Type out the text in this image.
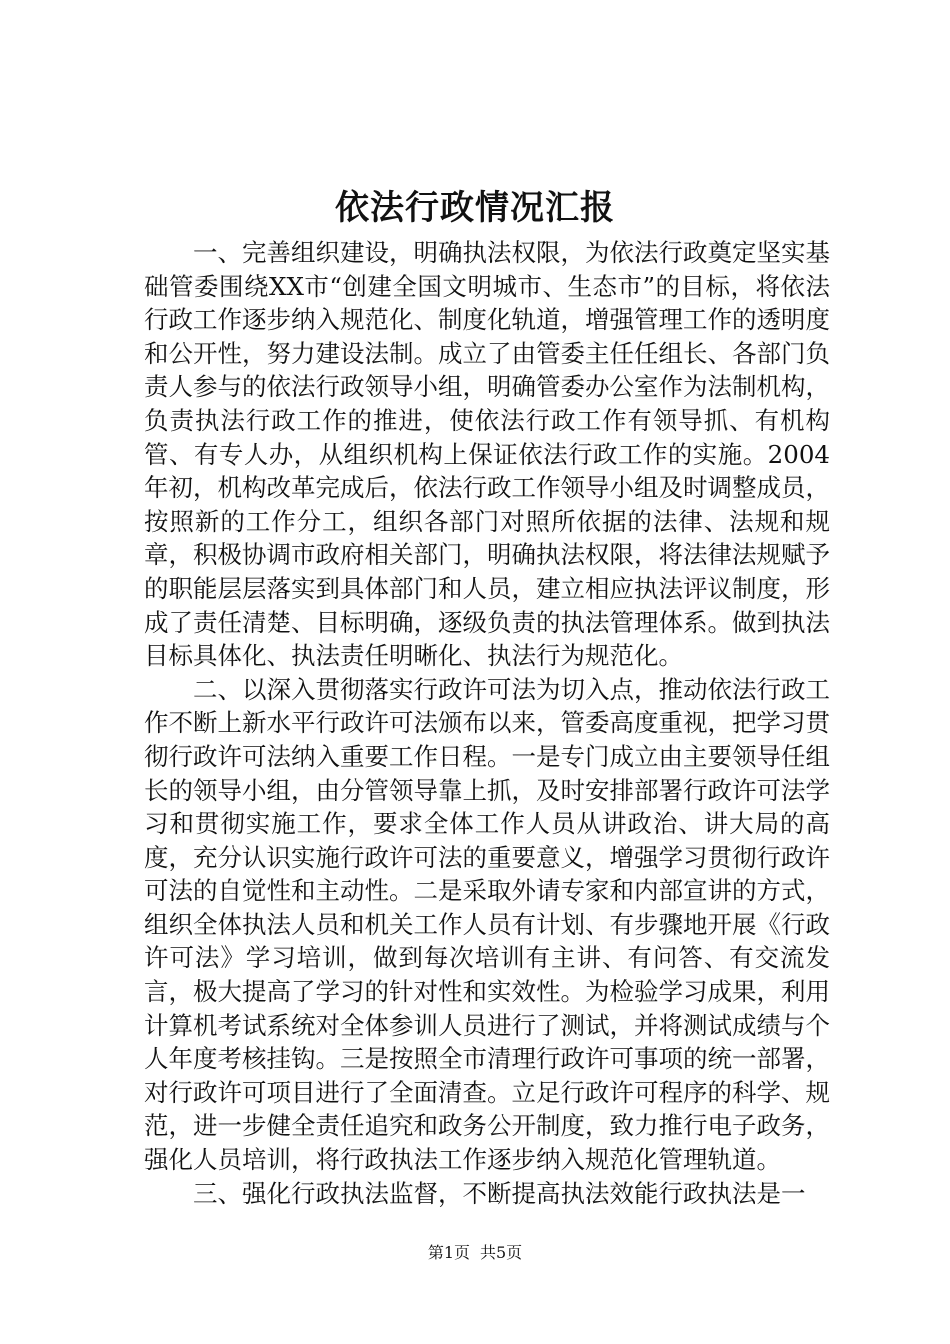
依法行政情况汇报

一、完善组织建设，明确执法权限，为依法行政奠定坚实基础管委围绕XX市“创建全国文明城市、生态市”的目标，将依法行政工作逐步纳入规范化、制度化轨道，增强管理工作的透明度和公开性，努力建设法制。成立了由管委主任任组长、各部门负责人参与的依法行政领导小组，明确管委办公室作为法制机构，负责执法行政工作的推进，使依法行政工作有领导抓、有机构管、有专人办，从组织机构上保证依法行政工作的实施。2004年初，机构改革完成后，依法行政工作领导小组及时调整成员，按照新的工作分工，组织各部门对照所依据的法律、法规和规章，积极协调市政府相关部门，明确执法权限，将法律法规赋予的职能层层落实到具体部门和人员，建立相应执法评议制度，形成了责任清楚、目标明确，逐级负责的执法管理体系。做到执法目标具体化、执法责任明晰化、执法行为规范化。

二、以深入贯彻落实行政许可法为切入点，推动依法行政工作不断上新水平行政许可法颁布以来，管委高度重视，把学习贯彻行政许可法纳入重要工作日程。一是专门成立由主要领导任组长的领导小组，由分管领导靠上抓，及时安排部署行政许可法学习和贯彻实施工作，要求全体工作人员从讲政治、讲大局的高度，充分认识实施行政许可法的重要意义，增强学习贯彻行政许可法的自觉性和主动性。二是采取外请专家和内部宣讲的方式，组织全体执法人员和机关工作人员有计划、有步骤地开展《行政许可法》学习培训，做到每次培训有主讲、有问答、有交流发言，极大提高了学习的针对性和实效性。为检验学习成果，利用计算机考试系统对全体参训人员进行了测试，并将测试成绩与个人年度考核挂钩。三是按照全市清理行政许可事项的统一部署，对行政许可项目进行了全面清查。立足行政许可程序的科学、规范，进一步健全责任追究和政务公开制度，致力推行电子政务，强化人员培训，将行政执法工作逐步纳入规范化管理轨道。

三、强化行政执法监督，不断提高执法效能行政执法是一

第1页 共5页
